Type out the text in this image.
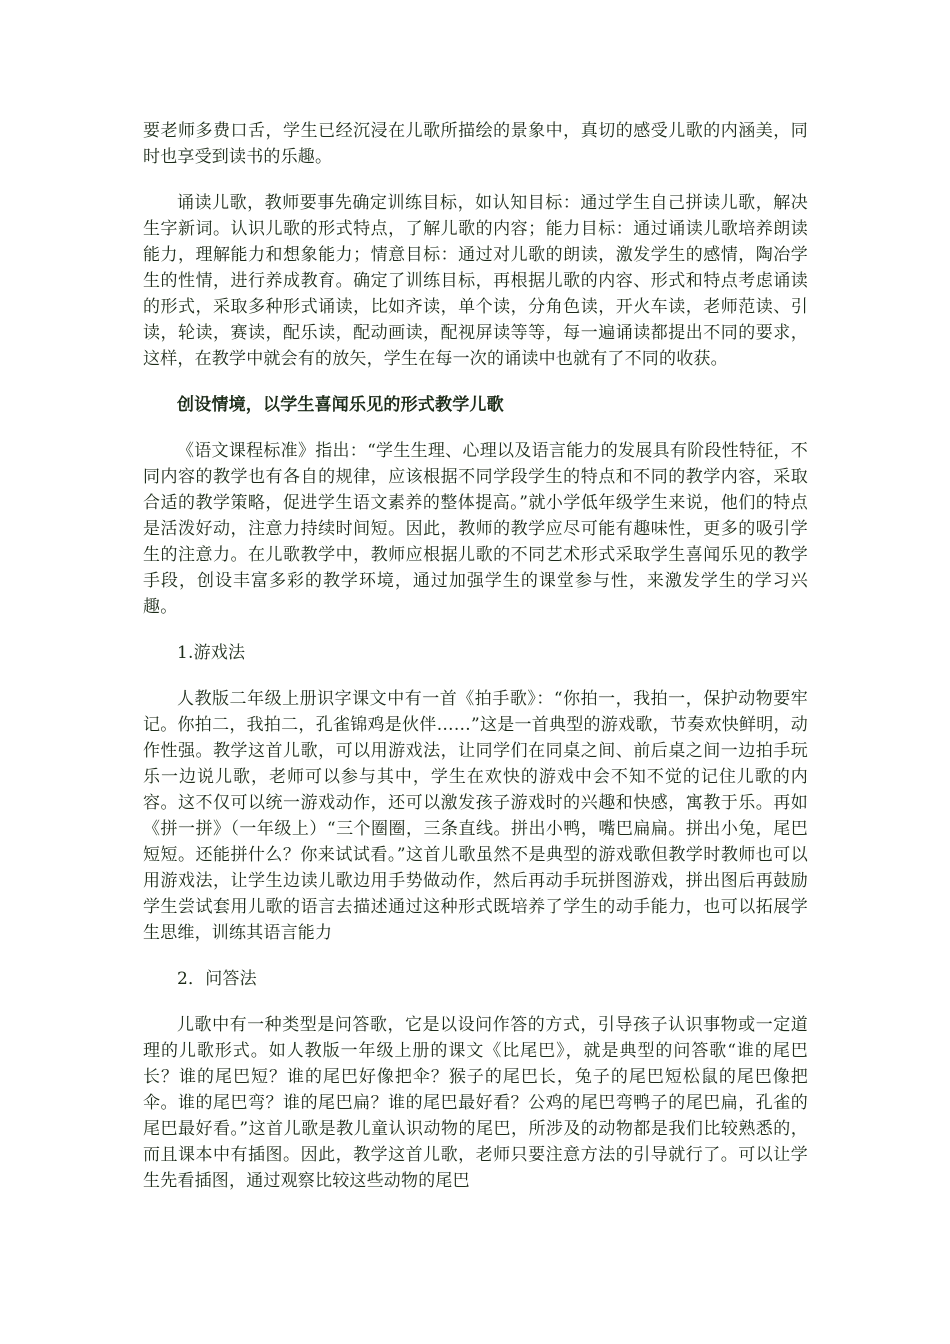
要老师多费口舌，学生已经沉浸在儿歌所描绘的景象中，真切的感受儿歌的内涵美，同时也享受到读书的乐趣。

诵读儿歌，教师要事先确定训练目标，如认知目标：通过学生自己拼读儿歌，解决生字新词。认识儿歌的形式特点，了解儿歌的内容；能力目标：通过诵读儿歌培养朗读能力，理解能力和想象能力；情意目标：通过对儿歌的朗读，激发学生的感情，陶冶学生的性情，进行养成教育。确定了训练目标，再根据儿歌的内容、形式和特点考虑诵读的形式，采取多种形式诵读，比如齐读，单个读，分角色读，开火车读，老师范读、引读，轮读，赛读，配乐读，配动画读，配视屏读等等，每一遍诵读都提出不同的要求，这样，在教学中就会有的放矢，学生在每一次的诵读中也就有了不同的收获。

创设情境，以学生喜闻乐见的形式教学儿歌

《语文课程标准》指出：“学生生理、心理以及语言能力的发展具有阶段性特征，不同内容的教学也有各自的规律，应该根据不同学段学生的特点和不同的教学内容，采取合适的教学策略，促进学生语文素养的整体提高。”就小学低年级学生来说，他们的特点是活泼好动，注意力持续时间短。因此，教师的教学应尽可能有趣味性，更多的吸引学生的注意力。在儿歌教学中，教师应根据儿歌的不同艺术形式采取学生喜闻乐见的教学手段，创设丰富多彩的教学环境，通过加强学生的课堂参与性，来激发学生的学习兴趣。

1.游戏法

人教版二年级上册识字课文中有一首《拍手歌》：“你拍一，我拍一，保护动物要牢记。你拍二，我拍二，孔雀锦鸡是伙伴……”这是一首典型的游戏歌，节奏欢快鲜明，动作性强。教学这首儿歌，可以用游戏法，让同学们在同桌之间、前后桌之间一边拍手玩乐一边说儿歌，老师可以参与其中，学生在欢快的游戏中会不知不觉的记住儿歌的内容。这不仅可以统一游戏动作，还可以激发孩子游戏时的兴趣和快感，寓教于乐。再如《拼一拼》（一年级上）“三个圈圈，三条直线。拼出小鸭，嘴巴扁扁。拼出小兔，尾巴短短。还能拼什么？你来试试看。”这首儿歌虽然不是典型的游戏歌但教学时教师也可以用游戏法，让学生边读儿歌边用手势做动作，然后再动手玩拼图游戏，拼出图后再鼓励学生尝试套用儿歌的语言去描述通过这种形式既培养了学生的动手能力，也可以拓展学生思维，训练其语言能力

2．问答法

儿歌中有一种类型是问答歌，它是以设问作答的方式，引导孩子认识事物或一定道理的儿歌形式。如人教版一年级上册的课文《比尾巴》，就是典型的问答歌“谁的尾巴长？谁的尾巴短？谁的尾巴好像把伞？猴子的尾巴长，兔子的尾巴短松鼠的尾巴像把伞。谁的尾巴弯？谁的尾巴扁？谁的尾巴最好看？公鸡的尾巴弯鸭子的尾巴扁，孔雀的尾巴最好看。”这首儿歌是教儿童认识动物的尾巴，所涉及的动物都是我们比较熟悉的，而且课本中有插图。因此，教学这首儿歌，老师只要注意方法的引导就行了。可以让学生先看插图，通过观察比较这些动物的尾巴
